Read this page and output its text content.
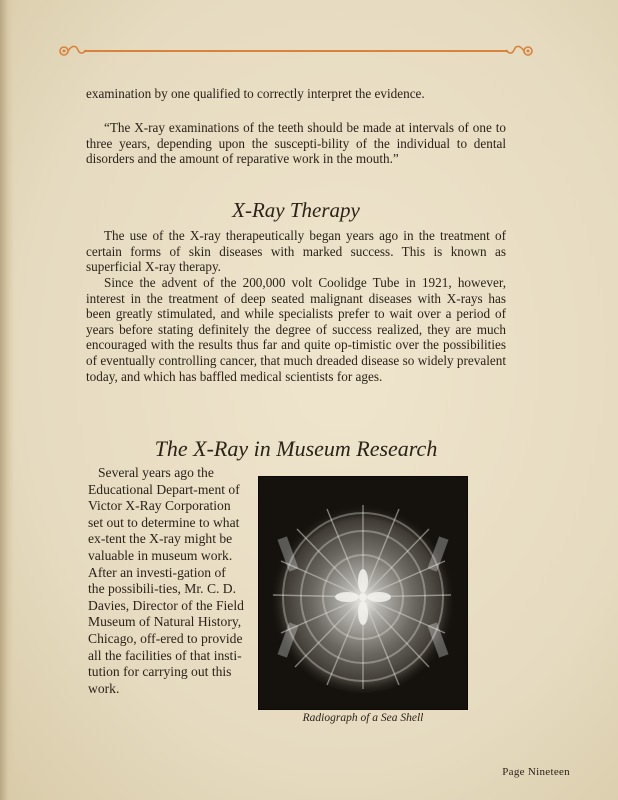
examination by one qualified to correctly interpret the evidence.

“The X-ray examinations of the teeth should be made at intervals of one to three years, depending upon the suscepti-bility of the individual to dental disorders and the amount of reparative work in the mouth.”

X-Ray Therapy

The use of the X-ray therapeutically began years ago in the treatment of certain forms of skin diseases with marked success. This is known as superficial X-ray therapy.

Since the advent of the 200,000 volt Coolidge Tube in 1921, however, interest in the treatment of deep seated malignant diseases with X-rays has been greatly stimulated, and while specialists prefer to wait over a period of years before stating definitely the degree of success realized, they are much encouraged with the results thus far and quite op-timistic over the possibilities of eventually controlling cancer, that much dreaded disease so widely prevalent today, and which has baffled medical scientists for ages.

The X-Ray in Museum Research

Several years ago the Educational Depart-ment of Victor X-Ray Corporation set out to determine to what ex-tent the X-ray might be valuable in museum work. After an investi-gation of the possibili-ties, Mr. C. D. Davies, Director of the Field Museum of Natural History, Chicago, off-ered to provide all the facilities of that insti-tution for carrying out this work.

Radiograph of a Sea Shell
Page Nineteen
